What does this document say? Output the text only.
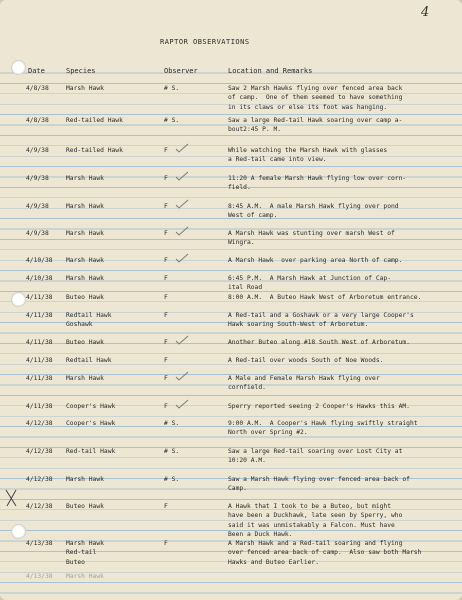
4
RAPTOR OBSERVATIONS
Date	Species	Observer	Location and Remarks
4/8/38	Marsh Hawk	# S.	Saw 2 Marsh Hawks flying over fenced area back
of camp.  One of them seemed to have something
in its claws or else its foot was hanging.
4/8/38	Red-tailed Hawk	# S.	Saw a large Red-tail Hawk soaring over camp a-
bout2:45 P. M.
4/9/38	Red-tailed Hawk	F	While watching the Marsh Hawk with glasses
a Red-tail came into view.
4/9/38	Marsh Hawk	F	11:20 A female Marsh Hawk flying low over corn-
field.
4/9/38	Marsh Hawk	F	8:45 A.M.  A male Marsh Hawk flying over pond
West of camp.
4/9/38	Marsh Hawk	F	A Marsh Hawk was stunting over marsh West of
Wingra.
4/10/38 Marsh Hawk	F	A Marsh Hawk  over parking area North of camp.
4/10/38 Marsh Hawk	F	6:45 P.M.  A Marsh Hawk at Junction of Cap-
ital Road
4/11/38 Buteo Hawk	F	8:00 A.M.  A Buteo Hawk West of Arboretum entrance.
4/11/38 Redtail Hawk
Goshawk
F	A Red-tail and a Goshawk or a very large Cooper's
Hawk soaring South-West of Arboretum.
4/11/38 Buteo Hawk	F	Another Buteo along #18 South West of Arboretum.
4/11/38 Redtail Hawk	F	A Red-tail over woods South of Noe Woods.
4/11/38 Marsh Hawk	F	A Male and Female Marsh Hawk flying over
cornfield.
4/11/38 Cooper's Hawk	F	Sperry reported seeing 2 Cooper's Hawks this AM.
4/12/38 Cooper's Hawk	# S.	9:00 A.M.  A Cooper's Hawk flying swiftly straight
North over Spring #2.
4/12/38 Red-tail Hawk	# S.	Saw a large Red-tail soaring over Lost City at
10:20 A.M.
4/12/38 Marsh Hawk	# S.	Saw a Marsh Hawk flying over fenced area back of
Camp.
4/12/38 Buteo Hawk	F	A Hawk that I took to be a Buteo, but might
have been a Duckhawk, late seen by Sperry, who
said it was unmistakably a Falcon. Must have
Been a Duck Hawk.
4/13/38 Marsh Hawk
Red-tail
Buteo
F	A Marsh Hawk and a Red-tail soaring and flying
over fenced area back of camp.  Also saw both Marsh
Hawks and Buteo Earlier.
4/13/38 Marsh Hawk
